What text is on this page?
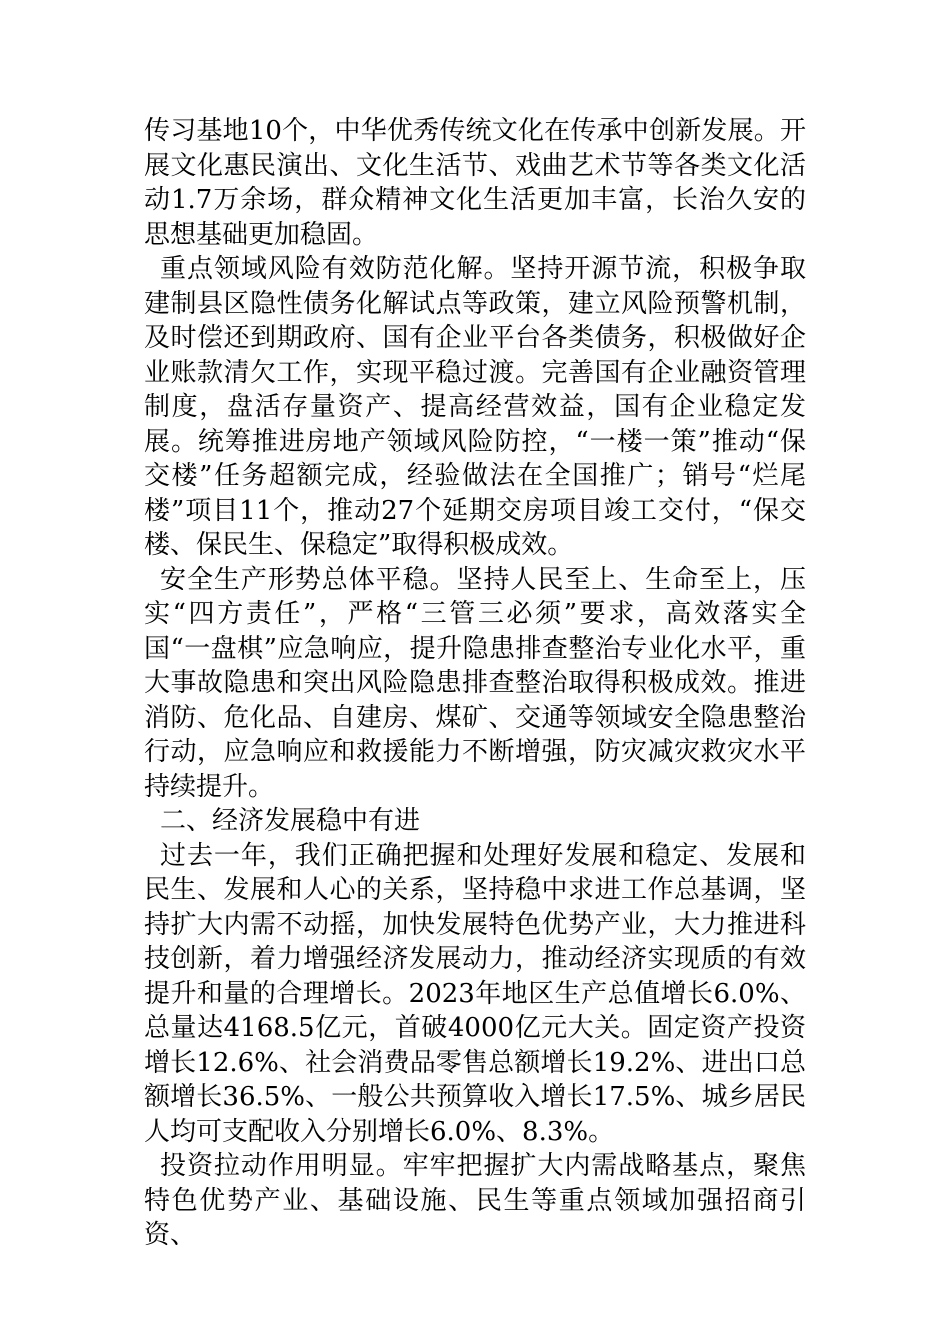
传习基地10个，中华优秀传统文化在传承中创新发展。开展文化惠民演出、文化生活节、戏曲艺术节等各类文化活动1.7万余场，群众精神文化生活更加丰富，长治久安的思想基础更加稳固。

重点领域风险有效防范化解。坚持开源节流，积极争取建制县区隐性债务化解试点等政策，建立风险预警机制，及时偿还到期政府、国有企业平台各类债务，积极做好企业账款清欠工作，实现平稳过渡。完善国有企业融资管理制度，盘活存量资产、提高经营效益，国有企业稳定发展。统筹推进房地产领域风险防控，“一楼一策”推动“保交楼”任务超额完成，经验做法在全国推广；销号“烂尾楼”项目11个，推动27个延期交房项目竣工交付，“保交楼、保民生、保稳定”取得积极成效。

安全生产形势总体平稳。坚持人民至上、生命至上，压实“四方责任”，严格“三管三必须”要求，高效落实全国“一盘棋”应急响应，提升隐患排查整治专业化水平，重大事故隐患和突出风险隐患排查整治取得积极成效。推进消防、危化品、自建房、煤矿、交通等领域安全隐患整治行动，应急响应和救援能力不断增强，防灾减灾救灾水平持续提升。

二、经济发展稳中有进

过去一年，我们正确把握和处理好发展和稳定、发展和民生、发展和人心的关系，坚持稳中求进工作总基调，坚持扩大内需不动摇，加快发展特色优势产业，大力推进科技创新，着力增强经济发展动力，推动经济实现质的有效提升和量的合理增长。2023年地区生产总值增长6.0%、总量达4168.5亿元，首破4000亿元大关。固定资产投资增长12.6%、社会消费品零售总额增长19.2%、进出口总额增长36.5%、一般公共预算收入增长17.5%、城乡居民人均可支配收入分别增长6.0%、8.3%。

投资拉动作用明显。牢牢把握扩大内需战略基点，聚焦特色优势产业、基础设施、民生等重点领域加强招商引资、
